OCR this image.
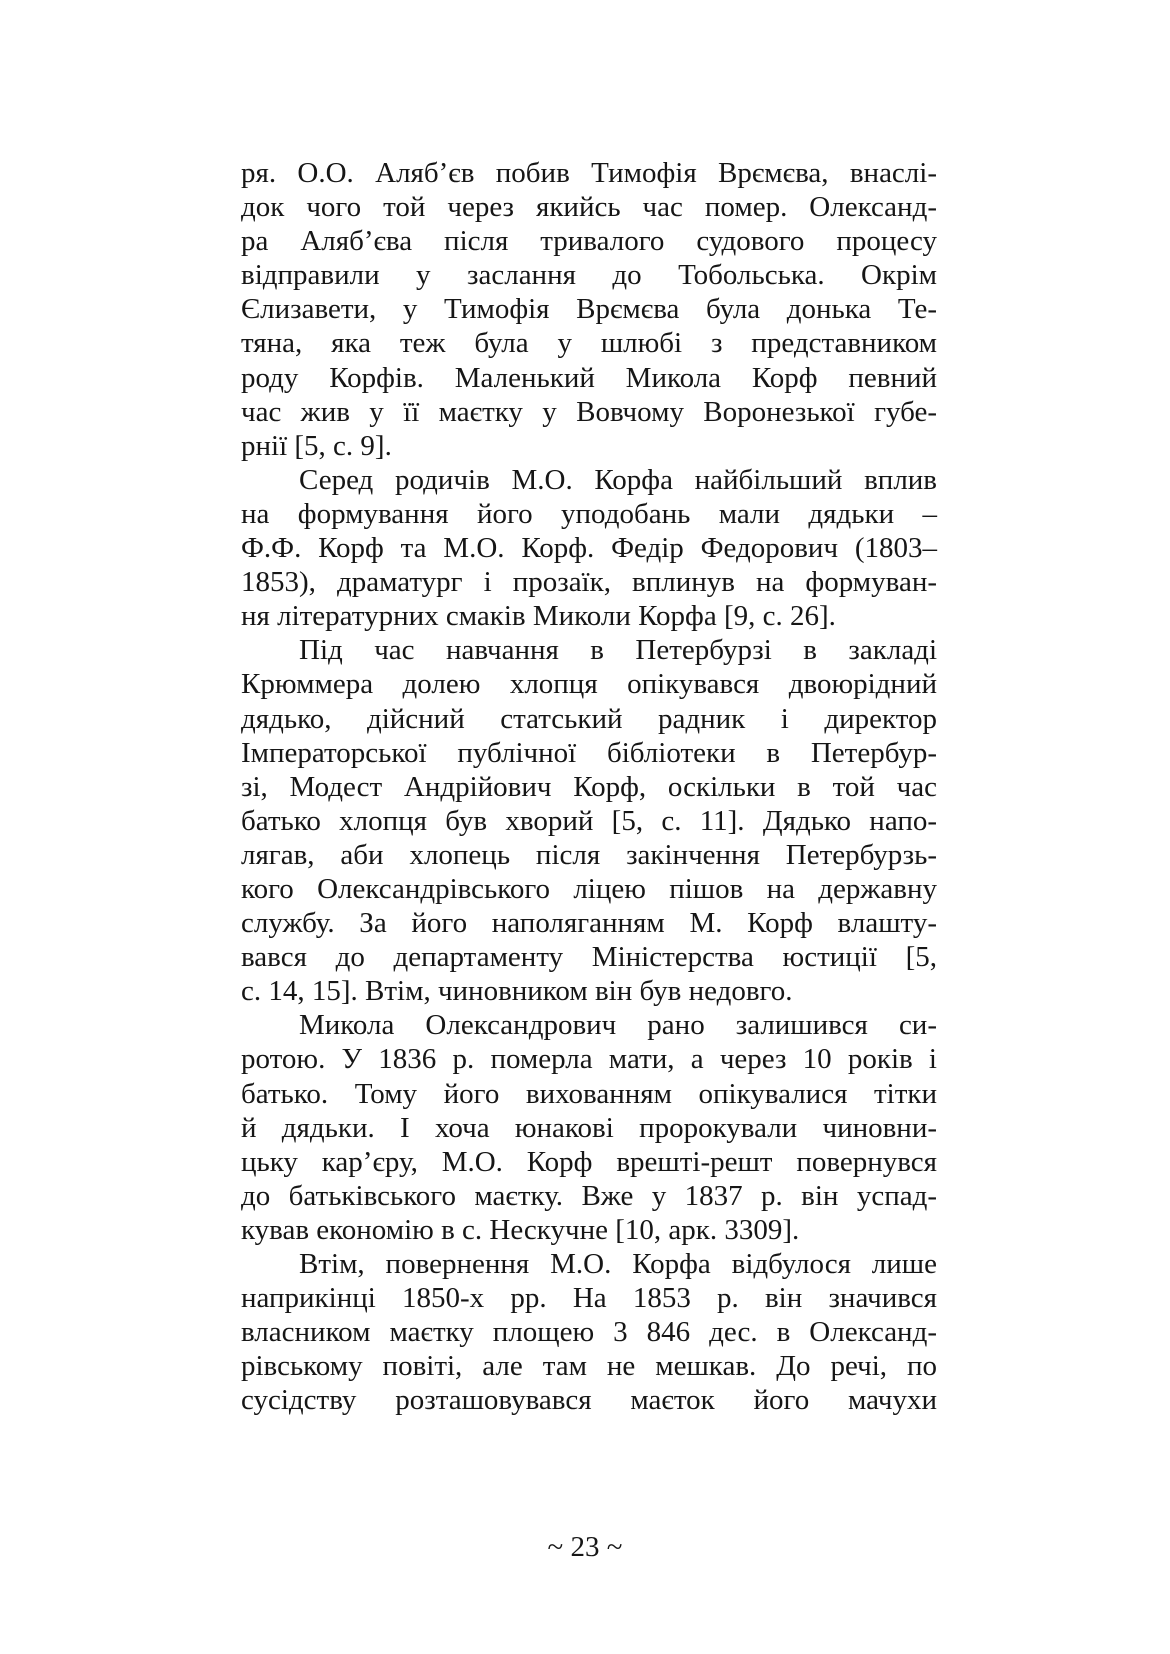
ря. О.О. Аляб’єв побив Тимофія Врємєва, внаслі-
док чого той через якийсь час помер. Олександ-
ра Аляб’єва після тривалого судового процесу
відправили у заслання до Тобольська. Окрім
Єлизавети, у Тимофія Врємєва була донька Те-
тяна, яка теж була у шлюбі з представником
роду Корфів. Маленький Микола Корф певний
час жив у її маєтку у Вовчому Воронезької губе-
рнії [5, с. 9].
Серед родичів М.О. Корфа найбільший вплив
на формування його уподобань мали дядьки –
Ф.Ф. Корф та М.О. Корф. Федір Федорович (1803–
1853), драматург і прозаїк, вплинув на формуван-
ня літературних смаків Миколи Корфа [9, с. 26].
Під час навчання в Петербурзі в закладі
Крюммера долею хлопця опікувався двоюрідний
дядько, дійсний статський радник і директор
Імператорської публічної бібліотеки в Петербур-
зі, Модест Андрійович Корф, оскільки в той час
батько хлопця був хворий [5, с. 11]. Дядько напо-
лягав, аби хлопець після закінчення Петербурзь-
кого Олександрівського ліцею пішов на державну
службу. За його наполяганням М. Корф влашту-
вався до департаменту Міністерства юстиції [5,
с. 14, 15]. Втім, чиновником він був недовго.
Микола Олександрович рано залишився си-
ротою. У 1836 р. померла мати, а через 10 років і
батько. Тому його вихованням опікувалися тітки
й дядьки. І хоча юнакові пророкували чиновни-
цьку кар’єру, М.О. Корф врешті-решт повернувся
до батьківського маєтку. Вже у 1837 р. він успад-
кував економію в с. Нескучне [10, арк. 3309].
Втім, повернення М.О. Корфа відбулося лише
наприкінці 1850-х рр. На 1853 р. він значився
власником маєтку площею 3 846 дес. в Олександ-
рівському повіті, але там не мешкав. До речі, по
сусідству розташовувався маєток його мачухи
~ 23 ~
